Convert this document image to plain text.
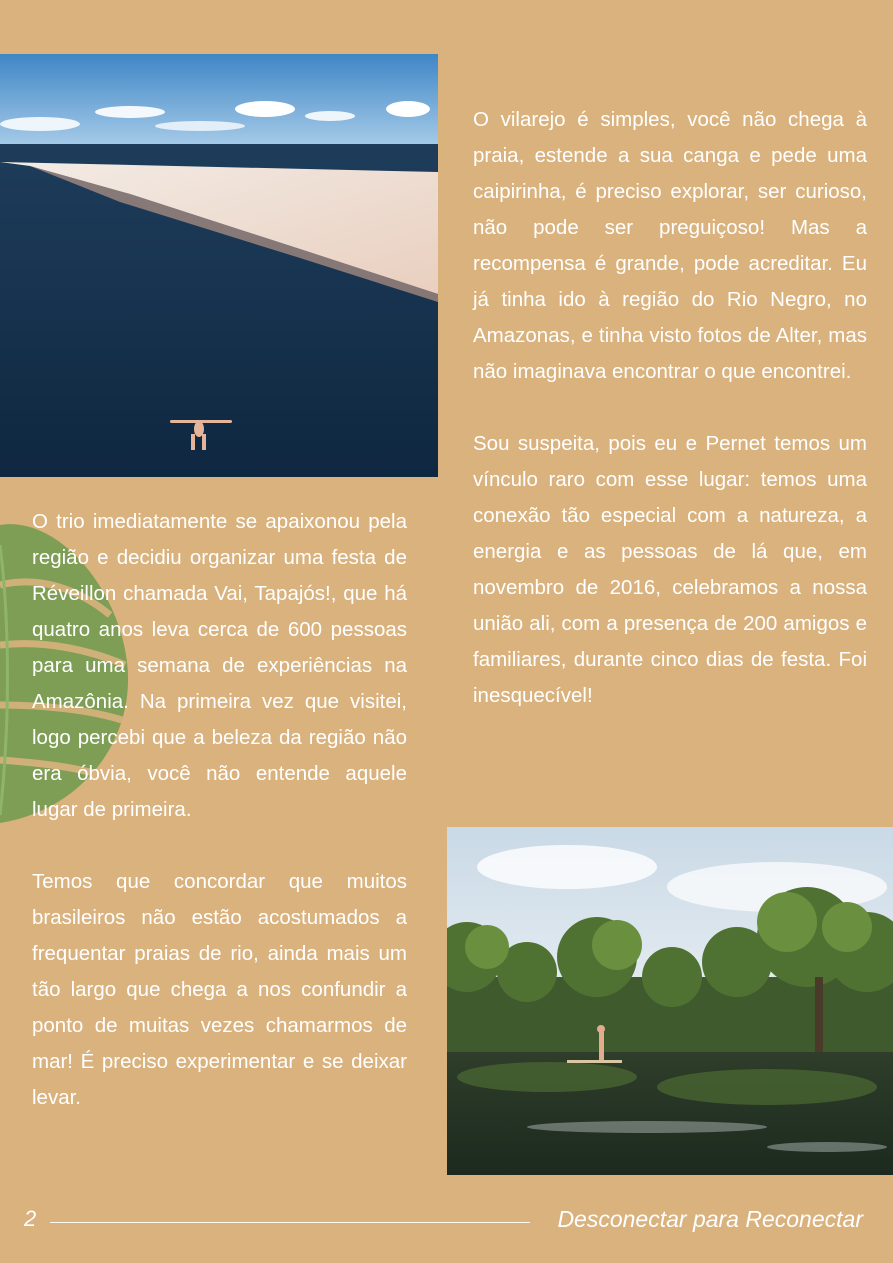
O vilarejo é simples, você não chega à praia, estende a sua canga e pede uma caipirinha, é preciso explorar, ser curioso, não pode ser preguiçoso! Mas a recompensa é grande, pode acreditar. Eu já tinha ido à região do Rio Negro, no Amazonas, e tinha visto fotos de Alter, mas não imaginava encontrar o que encontrei.

Sou suspeita, pois eu e Pernet temos um vínculo raro com esse lugar: temos uma conexão tão especial com a natureza, a energia e as pessoas de lá que, em novembro de 2016, celebramos a nossa união ali, com a presença de 200 amigos e familiares, durante cinco dias de festa. Foi inesquecível!

O trio imediatamente se apaixonou pela região e decidiu organizar uma festa de Réveillon chamada Vai, Tapajós!, que há quatro anos leva cerca de 600 pessoas para uma semana de experiências na Amazônia. Na primeira vez que visitei, logo percebi que a beleza da região não era óbvia, você não entende aquele lugar de primeira.

Temos que concordar que muitos brasileiros não estão acostumados a frequentar praias de rio, ainda mais um tão largo que chega a nos confundir a ponto de muitas vezes chamarmos de mar! É preciso experimentar e se deixar levar.

2	Desconectar para Reconectar
